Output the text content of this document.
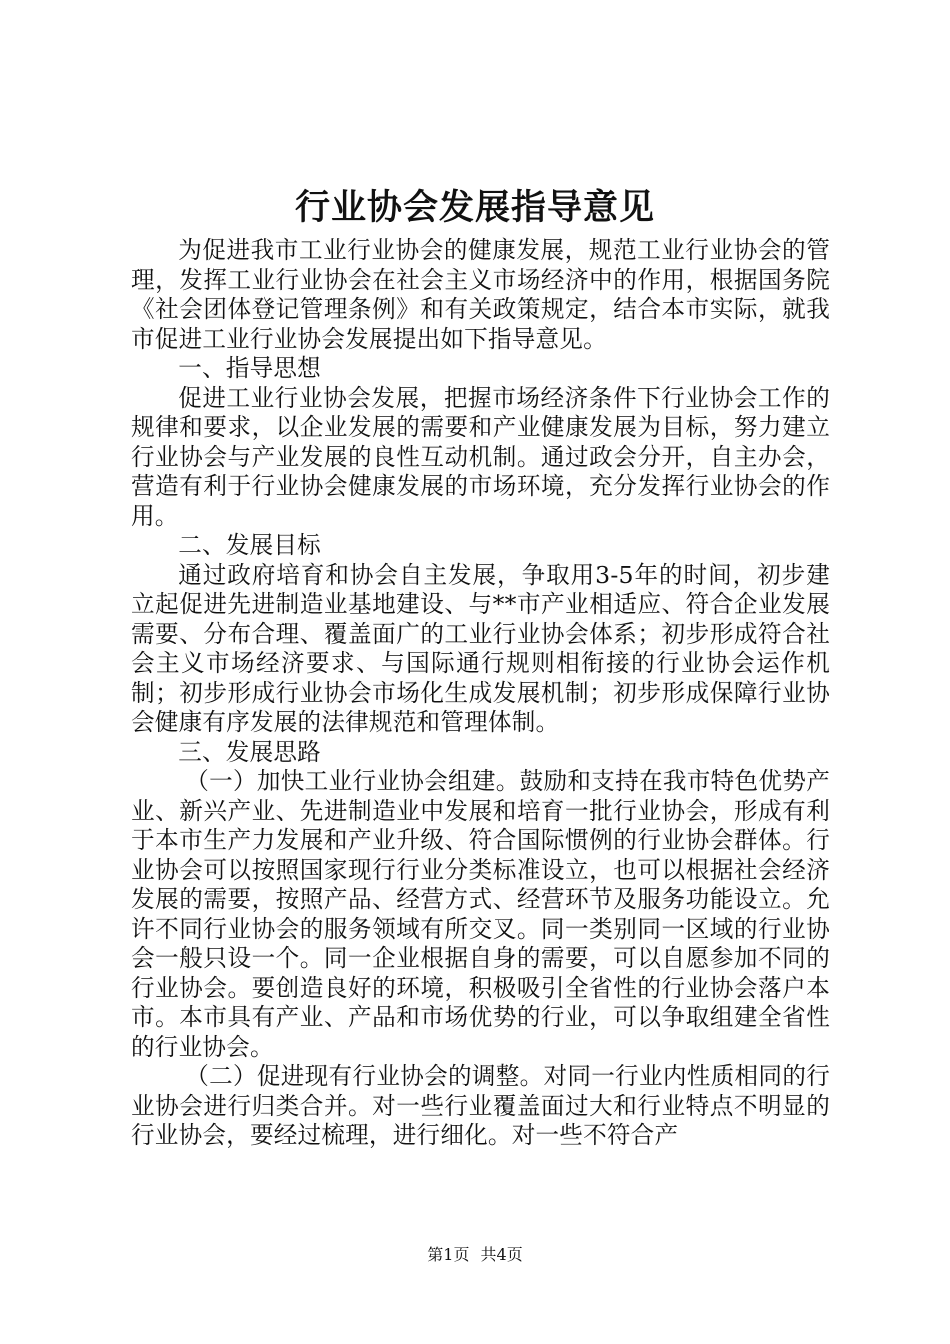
行业协会发展指导意见

为促进我市工业行业协会的健康发展，规范工业行业协会的管理，发挥工业行业协会在社会主义市场经济中的作用，根据国务院《社会团体登记管理条例》和有关政策规定，结合本市实际，就我市促进工业行业协会发展提出如下指导意见。

一、指导思想

促进工业行业协会发展，把握市场经济条件下行业协会工作的规律和要求，以企业发展的需要和产业健康发展为目标，努力建立行业协会与产业发展的良性互动机制。通过政会分开，自主办会，营造有利于行业协会健康发展的市场环境，充分发挥行业协会的作用。

二、发展目标

通过政府培育和协会自主发展，争取用3-5年的时间，初步建立起促进先进制造业基地建设、与**市产业相适应、符合企业发展需要、分布合理、覆盖面广的工业行业协会体系；初步形成符合社会主义市场经济要求、与国际通行规则相衔接的行业协会运作机制；初步形成行业协会市场化生成发展机制；初步形成保障行业协会健康有序发展的法律规范和管理体制。

三、发展思路

（一）加快工业行业协会组建。鼓励和支持在我市特色优势产业、新兴产业、先进制造业中发展和培育一批行业协会，形成有利于本市生产力发展和产业升级、符合国际惯例的行业协会群体。行业协会可以按照国家现行行业分类标准设立，也可以根据社会经济发展的需要，按照产品、经营方式、经营环节及服务功能设立。允许不同行业协会的服务领域有所交叉。同一类别同一区域的行业协会一般只设一个。同一企业根据自身的需要，可以自愿参加不同的行业协会。要创造良好的环境，积极吸引全省性的行业协会落户本市。本市具有产业、产品和市场优势的行业，可以争取组建全省性的行业协会。

（二）促进现有行业协会的调整。对同一行业内性质相同的行业协会进行归类合并。对一些行业覆盖面过大和行业特点不明显的行业协会，要经过梳理，进行细化。对一些不符合产

第1页 共4页
